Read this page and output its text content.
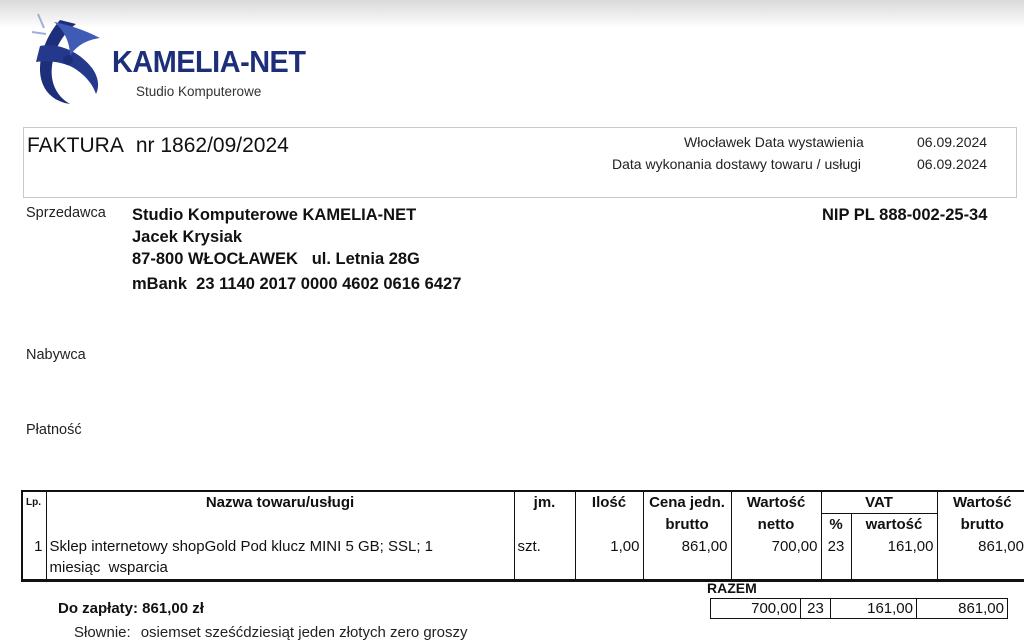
KAMELIA-NET
Studio Komputerowe
FAKTURA nr 1862/09/2024	Włocławek Data wystawienia	06.09.2024
Data wykonania dostawy towaru / usługi	06.09.2024
Sprzedawca Studio Komputerowe KAMELIA-NET
Jacek Krysiak
87-800 WŁOCŁAWEK   ul. Letnia 28G
mBank  23 1140 2017 0000 4602 0616 6427
NIP PL 888-002-25-34
Nabywca
Płatność
Lp.	Nazwa towaru/usługi	jm.	Ilość	Cena jedn.	Wartość	VAT		Wartość
				brutto	netto	%	wartość	brutto
1	Sklep internetowy shopGold Pod klucz MINI 5 GB; SSL; 1
miesiąc  wsparcia	szt.	1,00	861,00	700,00	23	161,00	861,00
RAZEM
700,00	23	161,00	861,00
Do zapłaty: 861,00 zł
Słownie: osiemset sześćdziesiąt jeden złotych zero groszy
